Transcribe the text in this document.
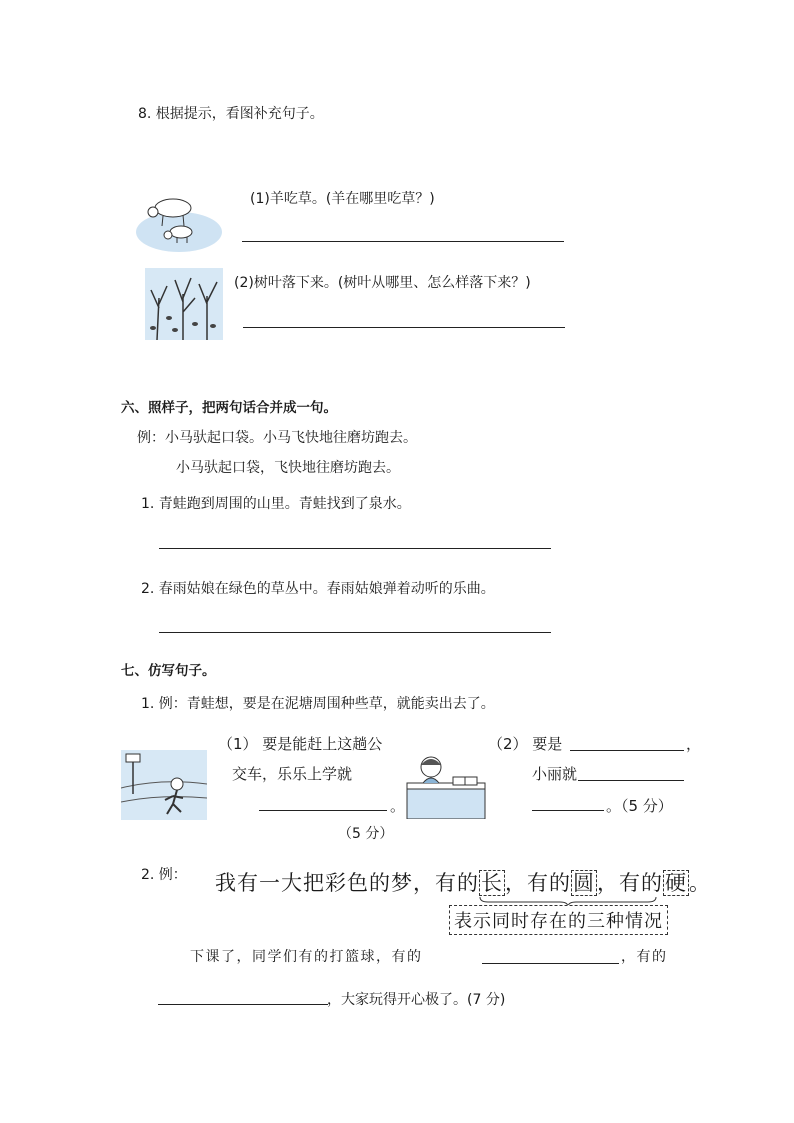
8. 根据提示，看图补充句子。
(1)羊吃草。(羊在哪里吃草？)
(2)树叶落下来。(树叶从哪里、怎么样落下来？)
六、照样子，把两句话合并成一句。
例：小马驮起口袋。小马飞快地往磨坊跑去。
小马驮起口袋，飞快地往磨坊跑去。
1. 青蛙跑到周围的山里。青蛙找到了泉水。
2. 春雨姑娘在绿色的草丛中。春雨姑娘弹着动听的乐曲。
七、仿写句子。
1. 例：青蛙想，要是在泥塘周围种些草，就能卖出去了。
（1） 要是能赶上这趟公
交车，乐乐上学就
。
（5 分）
（2） 要是	，
小丽就
。（5 分）
2. 例： 我有一大把彩色的梦，有的长，有的圆，有的硬。
表示同时存在的三种情况
下课了，同学们有的打篮球，有的	，有的
，大家玩得开心极了。(7 分)
